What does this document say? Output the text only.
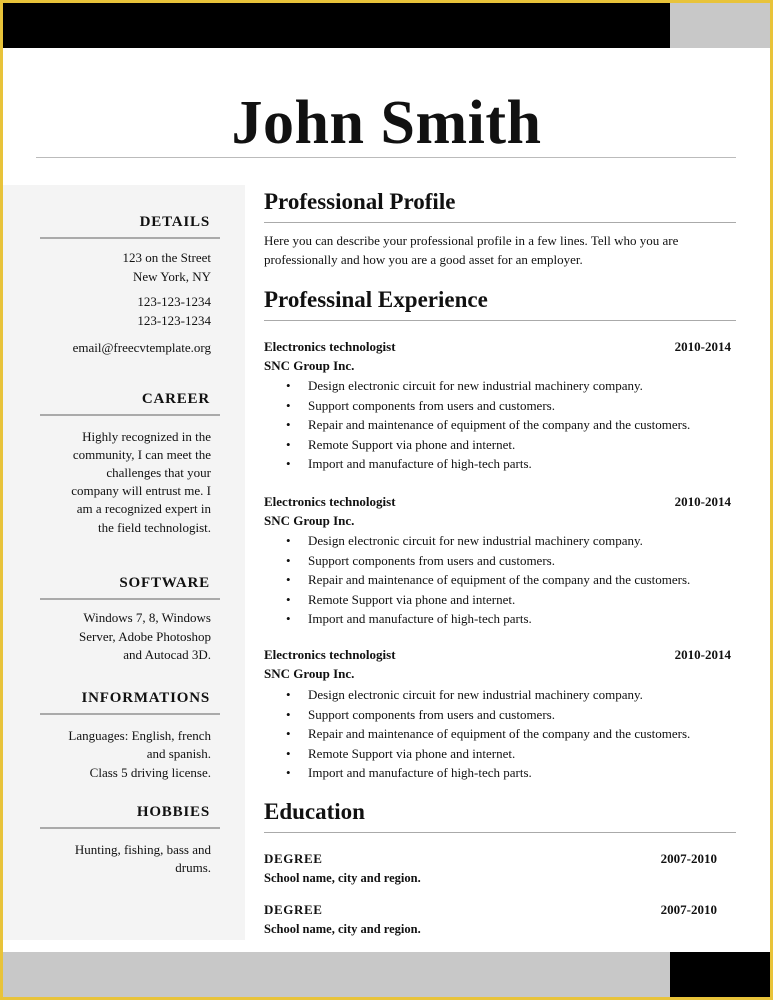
John Smith
DETAILS
123 on the Street
New York, NY
123-123-1234
123-123-1234
email@freecvtemplate.org
CAREER
Highly recognized in the
community, I can meet the
challenges that your
company will entrust me. I
am a recognized expert in
the field technologist.
SOFTWARE
Windows 7, 8, Windows
Server, Adobe Photoshop
and Autocad 3D.
INFORMATIONS
Languages: English, french
and spanish.
Class 5 driving license.
HOBBIES
Hunting, fishing, bass and
drums.
Professional Profile
Here you can describe your professional profile in a few lines. Tell who you are
professionally and how you are a good asset for an employer.
Professinal Experience
Electronics technologist	2010-2014
SNC Group Inc.
• Design electronic circuit for new industrial machinery company.
• Support components from users and customers.
• Repair and maintenance of equipment of the company and the customers.
• Remote Support via phone and internet.
• Import and manufacture of high-tech parts.
Electronics technologist	2010-2014
SNC Group Inc.
• Design electronic circuit for new industrial machinery company.
• Support components from users and customers.
• Repair and maintenance of equipment of the company and the customers.
• Remote Support via phone and internet.
• Import and manufacture of high-tech parts.
Electronics technologist	2010-2014
SNC Group Inc.
• Design electronic circuit for new industrial machinery company.
• Support components from users and customers.
• Repair and maintenance of equipment of the company and the customers.
• Remote Support via phone and internet.
• Import and manufacture of high-tech parts.
Education
DEGREE	2007-2010
School name, city and region.
DEGREE	2007-2010
School name, city and region.
